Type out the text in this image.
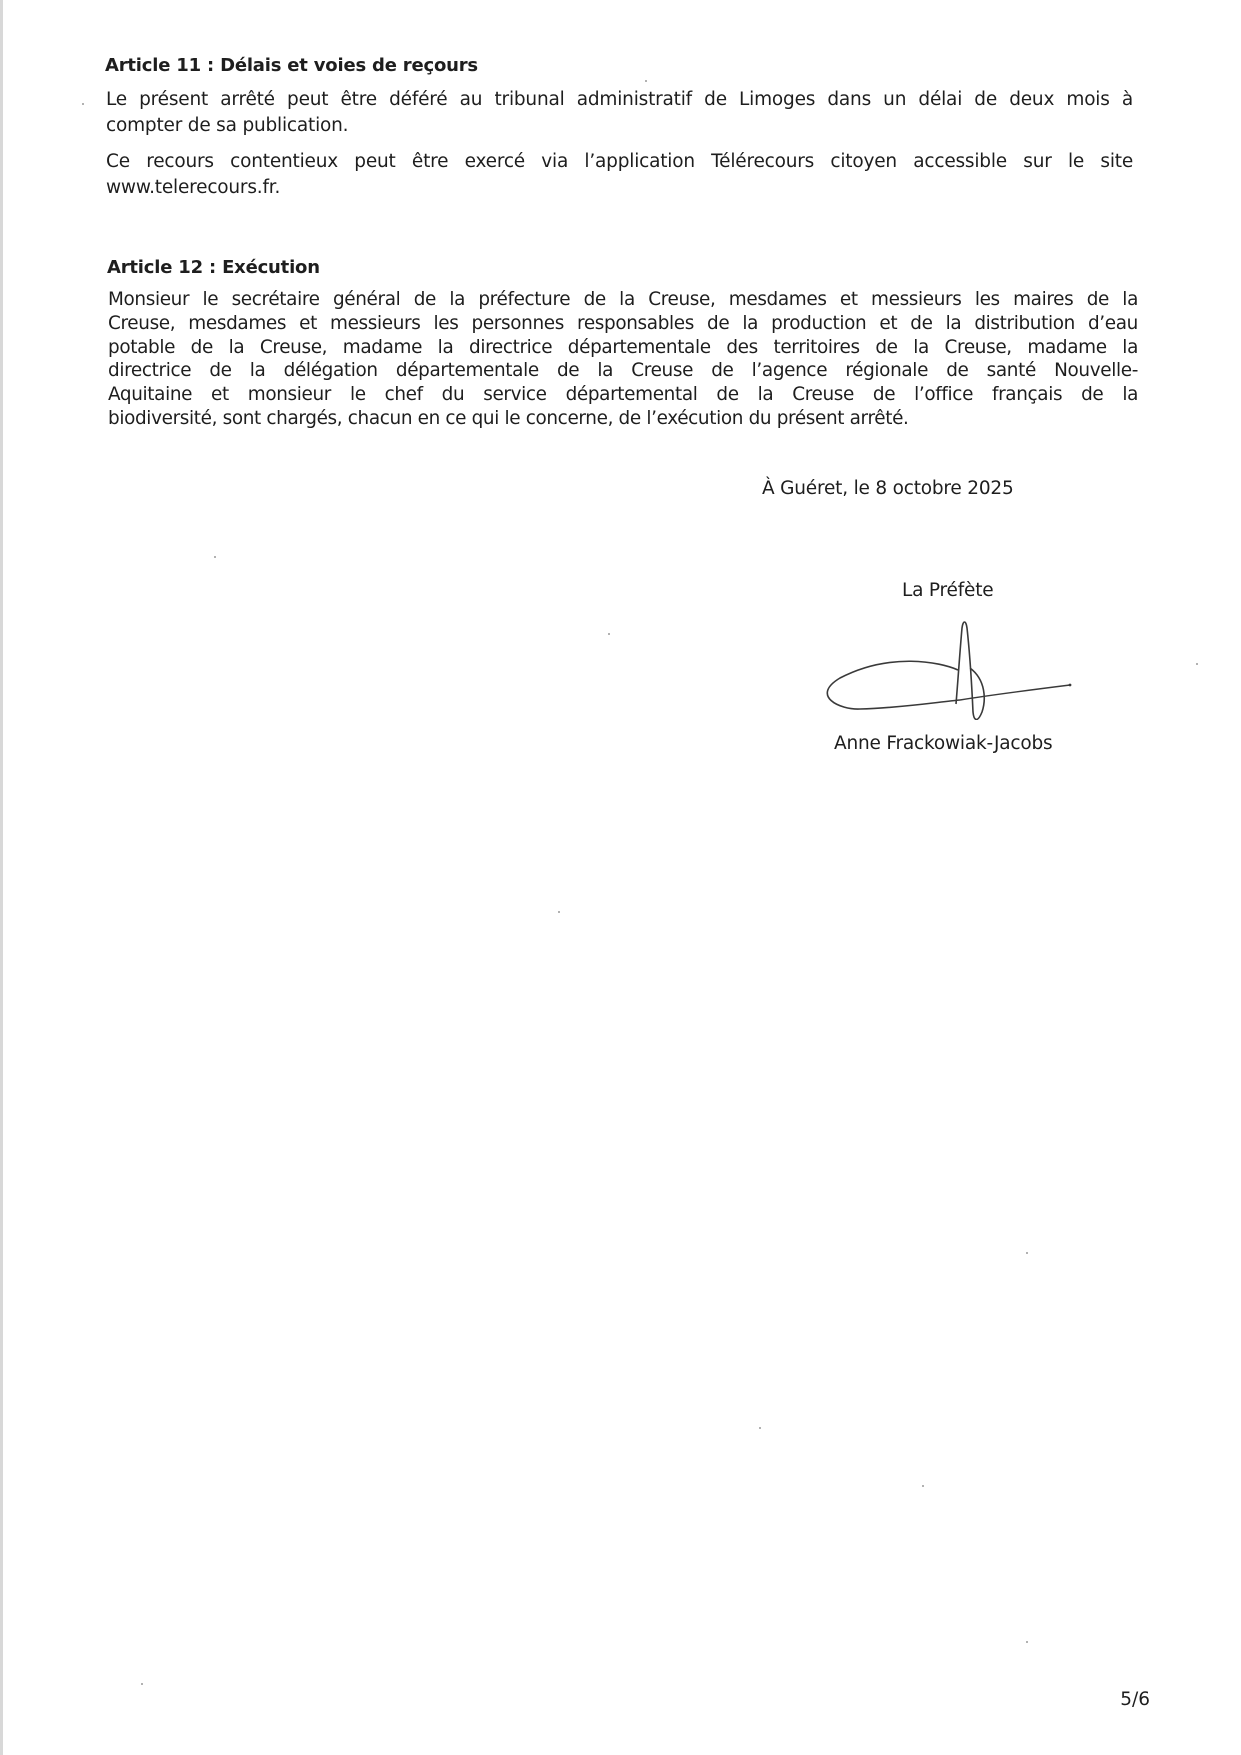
Article 11 : Délais et voies de reçours
Le présent arrêté peut être déféré au tribunal administratif de Limoges dans un délai de deux mois à
compter de sa publication.
Ce recours contentieux peut être exercé via l’application Télérecours citoyen accessible sur le site
www.telerecours.fr.
Article 12 : Exécution
Monsieur le secrétaire général de la préfecture de la Creuse, mesdames et messieurs les maires de la
Creuse, mesdames et messieurs les personnes responsables de la production et de la distribution d’eau
potable de la Creuse, madame la directrice départementale des territoires de la Creuse, madame la
directrice de la délégation départementale de la Creuse de l’agence régionale de santé Nouvelle-
Aquitaine et monsieur le chef du service départemental de la Creuse de l’office français de la
biodiversité, sont chargés, chacun en ce qui le concerne, de l’exécution du présent arrêté.
À Guéret, le 8 octobre 2025
La Préfète
Anne Frackowiak-Jacobs
5/6
